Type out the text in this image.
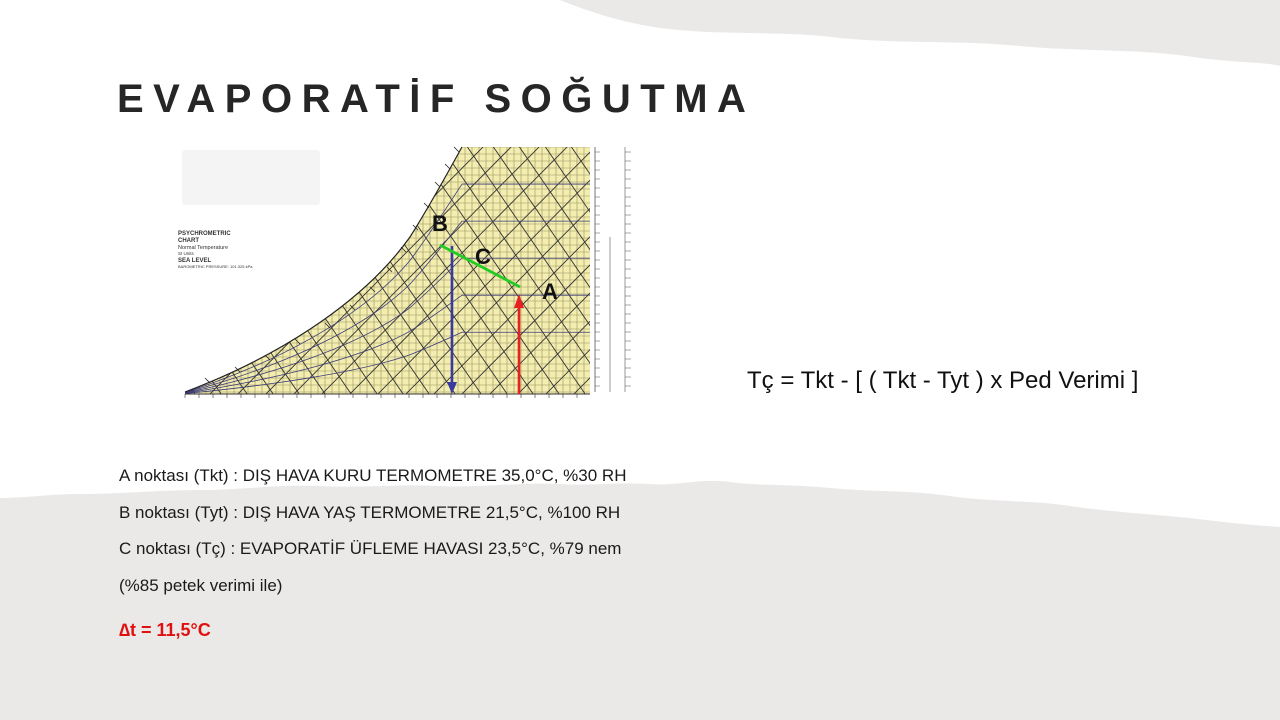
EVAPORATİF SOĞUTMA
PSYCHROMETRIC
CHART
Normal Temperature
SI Units
SEA LEVEL
BAROMETRIC PRESSURE: 101.325 kPa
B
C
A
Tç = Tkt - [ ( Tkt - Tyt ) x Ped Verimi ]
A noktası (Tkt) : DIŞ HAVA KURU TERMOMETRE 35,0°C, %30 RH
B noktası (Tyt) : DIŞ HAVA YAŞ TERMOMETRE 21,5°C, %100 RH
C noktası (Tç) : EVAPORATİF ÜFLEME HAVASI 23,5°C, %79 nem
(%85 petek verimi ile)
∆t = 11,5°C
